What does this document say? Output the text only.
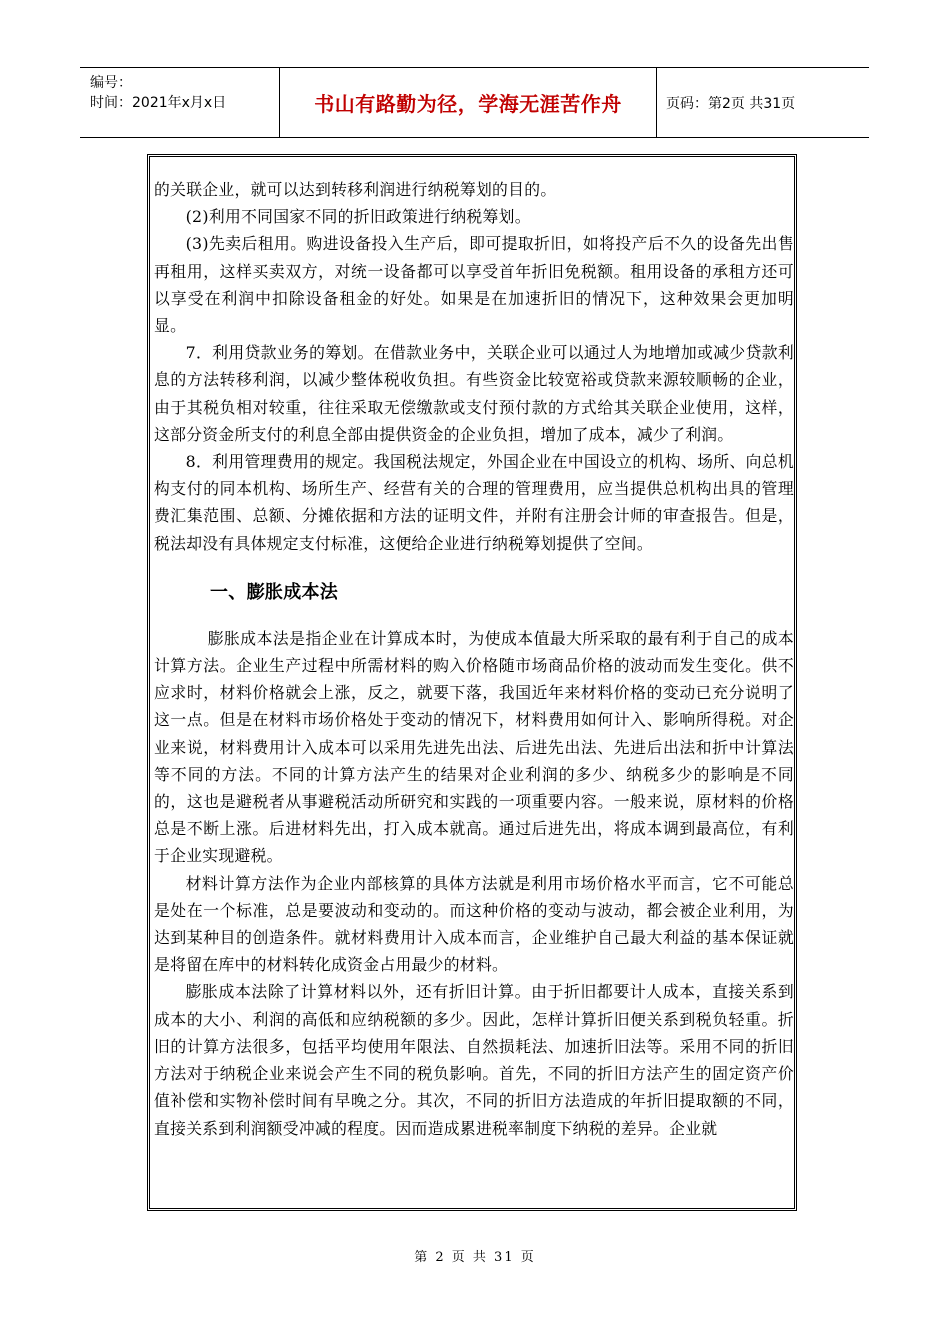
编号：
时间：2021年x月x日	书山有路勤为径，学海无涯苦作舟	页码：第2页 共31页

的关联企业，就可以达到转移利润进行纳税筹划的目的。

(2)利用不同国家不同的折旧政策进行纳税筹划。

(3)先卖后租用。购进设备投入生产后，即可提取折旧，如将投产后不久的设备先出售再租用，这样买卖双方，对统一设备都可以享受首年折旧免税额。租用设备的承租方还可以享受在利润中扣除设备租金的好处。如果是在加速折旧的情况下，这种效果会更加明显。

7．利用贷款业务的筹划。在借款业务中，关联企业可以通过人为地增加或减少贷款利息的方法转移利润，以减少整体税收负担。有些资金比较宽裕或贷款来源较顺畅的企业，由于其税负相对较重，往往采取无偿缴款或支付预付款的方式给其关联企业使用，这样，这部分资金所支付的利息全部由提供资金的企业负担，增加了成本，减少了利润。

8．利用管理费用的规定。我国税法规定，外国企业在中国设立的机构、场所、向总机构支付的同本机构、场所生产、经营有关的合理的管理费用，应当提供总机构出具的管理费汇集范围、总额、分摊依据和方法的证明文件，并附有注册会计师的审查报告。但是，税法却没有具体规定支付标准，这便给企业进行纳税筹划提供了空间。

一、膨胀成本法

膨胀成本法是指企业在计算成本时，为使成本值最大所采取的最有利于自己的成本计算方法。企业生产过程中所需材料的购入价格随市场商品价格的波动而发生变化。供不应求时，材料价格就会上涨，反之，就要下落，我国近年来材料价格的变动已充分说明了这一点。但是在材料市场价格处于变动的情况下，材料费用如何计入、影响所得税。对企业来说，材料费用计入成本可以采用先进先出法、后进先出法、先进后出法和折中计算法等不同的方法。不同的计算方法产生的结果对企业利润的多少、纳税多少的影响是不同的，这也是避税者从事避税活动所研究和实践的一项重要内容。一般来说，原材料的价格总是不断上涨。后进材料先出，打入成本就高。通过后进先出，将成本调到最高位，有利于企业实现避税。

材料计算方法作为企业内部核算的具体方法就是利用市场价格水平而言，它不可能总是处在一个标准，总是要波动和变动的。而这种价格的变动与波动，都会被企业利用，为达到某种目的创造条件。就材料费用计入成本而言，企业维护自己最大利益的基本保证就是将留在库中的材料转化成资金占用最少的材料。

膨胀成本法除了计算材料以外，还有折旧计算。由于折旧都要计人成本，直接关系到成本的大小、利润的高低和应纳税额的多少。因此，怎样计算折旧便关系到税负轻重。折旧的计算方法很多，包括平均使用年限法、自然损耗法、加速折旧法等。采用不同的折旧方法对于纳税企业来说会产生不同的税负影响。首先，不同的折旧方法产生的固定资产价值补偿和实物补偿时间有早晚之分。其次，不同的折旧方法造成的年折旧提取额的不同，直接关系到利润额受冲减的程度。因而造成累进税率制度下纳税的差异。企业就

第 2 页 共 31 页
